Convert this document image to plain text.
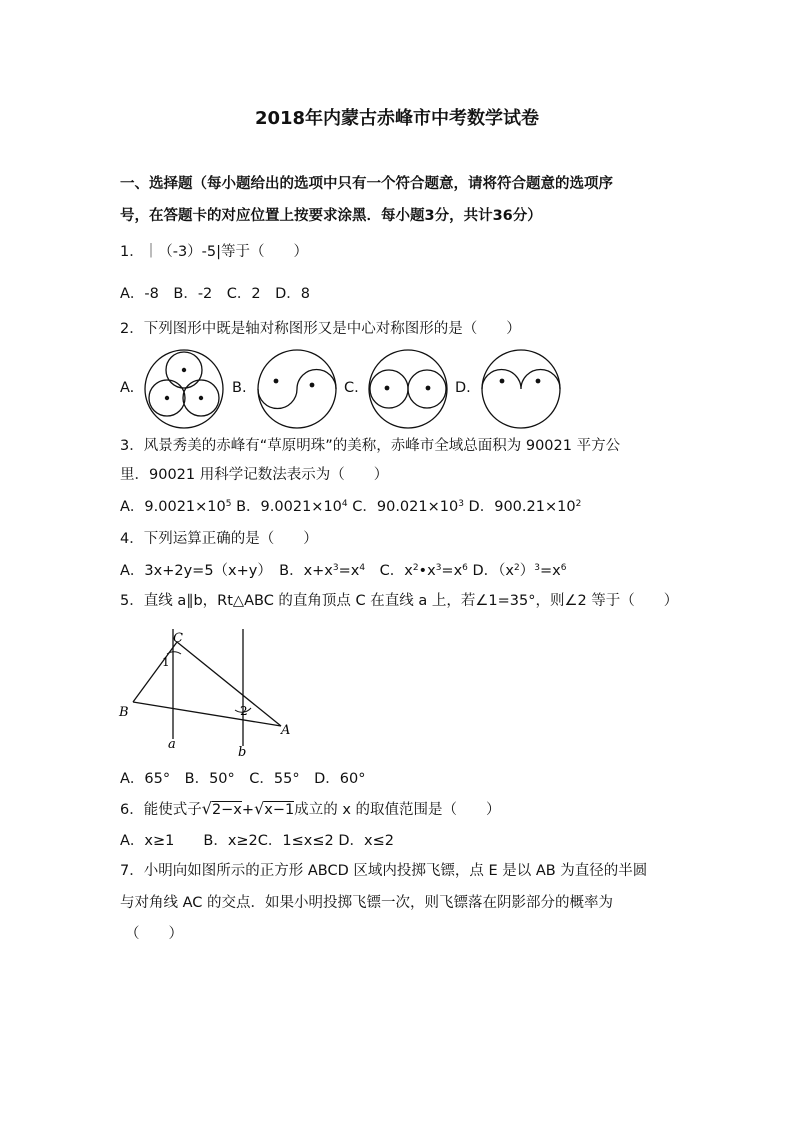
2018年内蒙古赤峰市中考数学试卷
一、选择题（每小题给出的选项中只有一个符合题意，请将符合题意的选项序
号，在答题卡的对应位置上按要求涂黑．每小题3分，共计36分）
1．｜（-3）-5|等于（　　）
A．-8　B．-2　C．2　D．8
2．下列图形中既是轴对称图形又是中心对称图形的是（　　）
A.	B.	C.	D.
3．风景秀美的赤峰有“草原明珠”的美称，赤峰市全域总面积为 90021 平方公
里．90021 用科学记数法表示为（　　）
A．$9.0021\times 10^5$ B．$9.0021\times 10^4$ C．$90.021\times 10^3$ D．$900.21\times 10^2$
4．下列运算正确的是（　　）
A．3x+2y=5（x+y）　B．$x+x^3=x^4$　C．$x^2•x^3=x^6$ D．$(x^2)^3=x^6$
5．直线 a∥b，Rt△ABC 的直角顶点 C 在直线 a 上，若∠1=35°，则∠2 等于（　　）
C
1
B	2
A
a
b
A．65°　B．50°　C．55°　D．60°
6．能使式子√2−x+√x−1成立的 x 的取值范围是（　　）
A．x≥1　　B．x≥2C．1≤x≤2 D．x≤2
7．小明向如图所示的正方形 ABCD 区域内投掷飞镖，点 E 是以 AB 为直径的半圆
与对角线 AC 的交点．如果小明投掷飞镖一次，则飞镖落在阴影部分的概率为
（　　）
